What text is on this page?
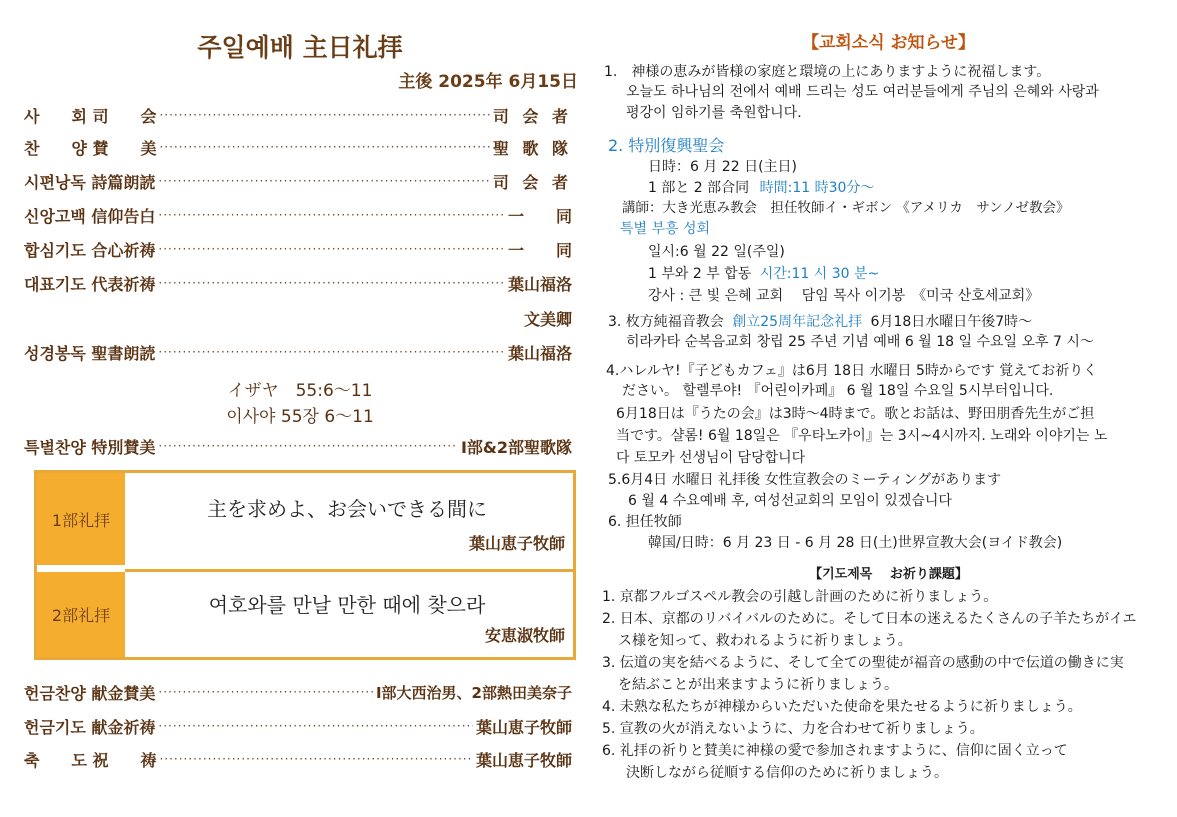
주일예배 主日礼拝
主後 2025年 6月15日
사　　회 司　　会 ·····	司 会 者
찬　　양 賛　　美 ·····	聖 歌 隊
시편낭독 詩篇朗読 ·····	司 会 者
신앙고백 信仰告白 ·····	一　　同
합심기도 合心祈祷 ·····	一　　同
대표기도 代表祈祷 ·····	葉山福洛
文美卿
성경봉독 聖書朗読 ·····	葉山福洛
イザヤ　55:6〜11
이사야 55장 6〜11
특별찬양 特別賛美 ·····	Ⅰ部&2部聖歌隊
1部礼拝	主を求めよ、お会いできる間に
葉山恵子牧師
2部礼拝	여호와를 만날 만한 때에 찾으라
安恵淑牧師
헌금찬양 献金賛美 ·····	Ⅰ部大西治男、2部熱田美奈子
헌금기도 献金祈祷 ·····	葉山恵子牧師
축　　도 祝　　祷 ·····	葉山恵子牧師
【교회소식 お知らせ】
1.　神様の恵みが皆様の家庭と環境の上にありますように祝福します。
오늘도 하나님의 전에서 예배 드리는 성도 여러분들에게 주님의 은혜와 사랑과
평강이 임하기를 축원합니다.
2. 特別復興聖会
日時：6 月 22 日(主日)
1 部と 2 部合同 時間:11 時30分〜
講師：大き光恵み教会　担任牧師イ・ギボン 《アメリカ　サンノゼ教会》
특별 부흥 성회
일시:6 월 22 일(주일)
1 부와 2 부 합동 시간:11 시 30 분~
강사 : 큰 빛 은혜 교회　 담임 목사 이기봉　《미국 산호세교회》
3. 枚方純福音教会 創立25周年記念礼拝 6月18日水曜日午後7時〜
히라카타 순복음교회 창립 25 주년 기념 예배 6 월 18 일 수요일 오후 7 시〜
4.ハレルヤ!『子どもカフェ』は6月 18日 水曜日 5時からです 覚えてお祈りく
ださい。 할렐루야! 『어린이카페』 6 월 18일 수요일 5시부터입니다.
6月18日は『うたの会』は3時〜4時まで。歌とお話は、野田朋香先生がご担
当です。샬롬! 6월 18일은 『우타노카이』는 3시~4시까지. 노래와 이야기는 노
다 토모카 선생님이 담당합니다
5.6月4日 水曜日 礼拝後 女性宣教会のミーティングがあります
6 월 4 수요예배 후, 여성선교회의 모임이 있겠습니다
6. 担任牧師
韓国/日時：6 月 23 日 - 6 月 28 日(土)世界宣教大会(ヨイド教会)
【기도제목　 お祈り課題】
1. 京都フルゴスペル教会の引越し計画のために祈りましょう。
2. 日本、京都のリバイバルのために。そして日本の迷えるたくさんの子羊たちがイエ
ス様を知って、救われるように祈りましょう。
3. 伝道の実を結べるように、そして全ての聖徒が福音の感動の中で伝道の働きに実
を結ぶことが出来ますように祈りましょう。
4. 未熟な私たちが神様からいただいた使命を果たせるように祈りましょう。
5. 宣教の火が消えないように、力を合わせて祈りましょう。
6. 礼拝の祈りと賛美に神様の愛で参加されますように、信仰に固く立って
決断しながら従順する信仰のために祈りましょう。
